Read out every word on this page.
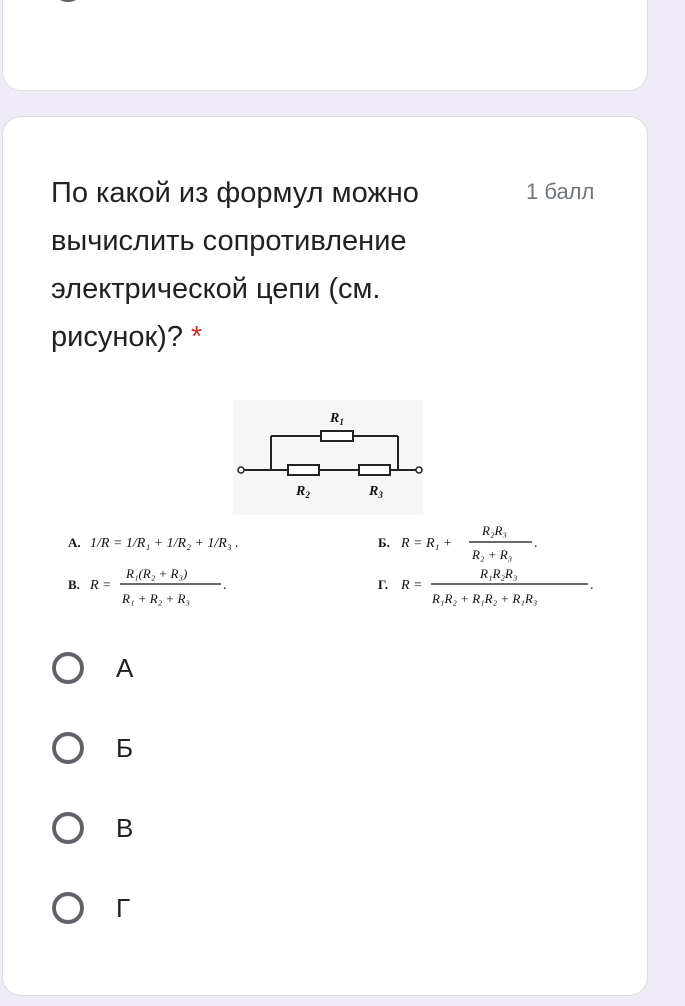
По какой из формул можно вычислить сопротивление электрической цепи (см. рисунок)? *
1 балл
$R_1$
$R_2$	$R_3$
А. 1/R = 1/R₁ + 1/R₂ + 1/R₃ .	Б. R = R₁ +
R₂R₃
R₂ + R₃
.
В. R =
R₁(R₂ + R₃)
R₁ + R₂ + R₃
.	Г. R =
R₁R₂R₃
R₁R₂ + R₁R₂ + R₁R₃
.
А
Б
В
Г
